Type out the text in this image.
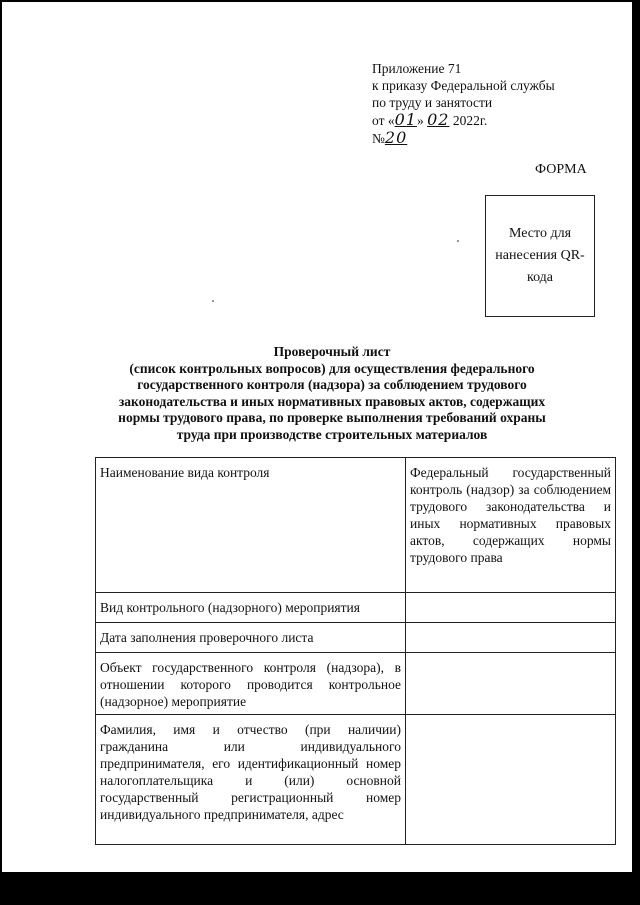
Приложение 71
к приказу Федеральной службы
по труду и занятости
от «01» 02 2022г.
№20
ФОРМА
Место для нанесения QR-кода
Проверочный лист
(список контрольных вопросов) для осуществления федерального
государственного контроля (надзора) за соблюдением трудового
законодательства и иных нормативных правовых актов, содержащих
нормы трудового права, по проверке выполнения требований охраны
труда при производстве строительных материалов
Наименование вида контроля	Федеральный государственный контроль (надзор) за соблюдением трудового законодательства и иных нормативных правовых актов, содержащих нормы трудового права
Вид контрольного (надзорного) мероприятия	
Дата заполнения проверочного листа	
Объект государственного контроля (надзора), в отношении которого проводится контрольное (надзорное) мероприятие	
Фамилия, имя и отчество (при наличии) гражданина или индивидуального предпринимателя, его идентификационный номер налогоплательщика и (или) основной государственный регистрационный номер индивидуального предпринимателя, адрес	
